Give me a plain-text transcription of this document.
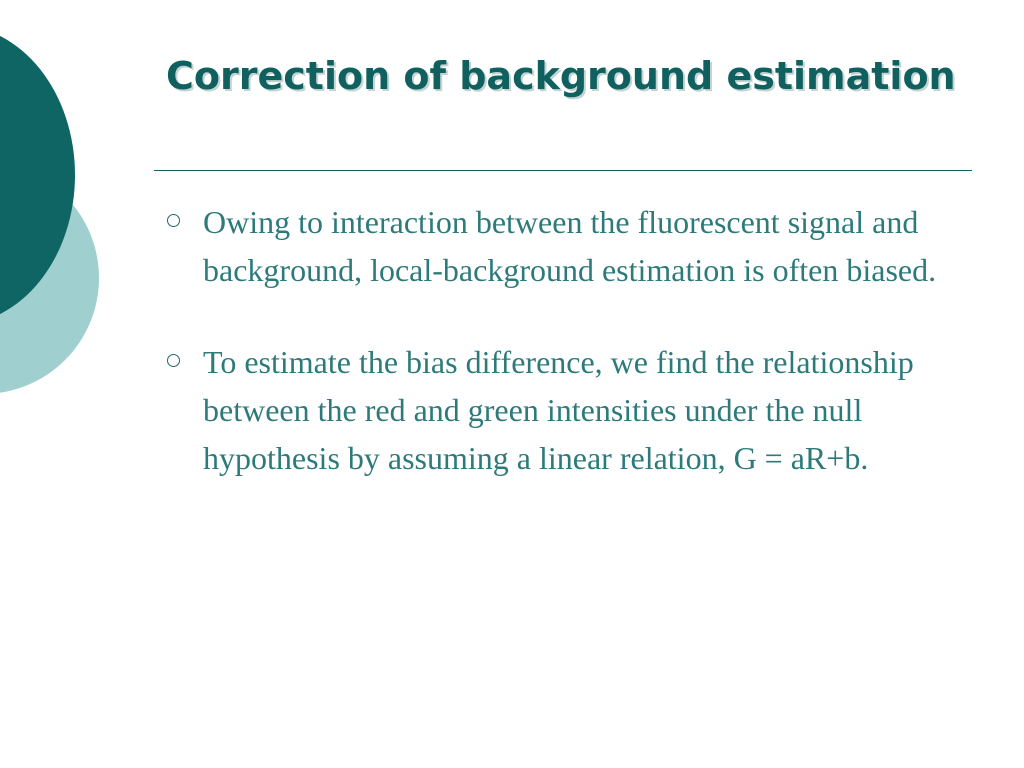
Correction of background estimation
Owing to interaction between the fluorescent signal and background, local-background estimation is often biased.
To estimate the bias difference, we find the relationship between the red and green intensities under the null hypothesis by assuming a linear relation, G = aR+b.
